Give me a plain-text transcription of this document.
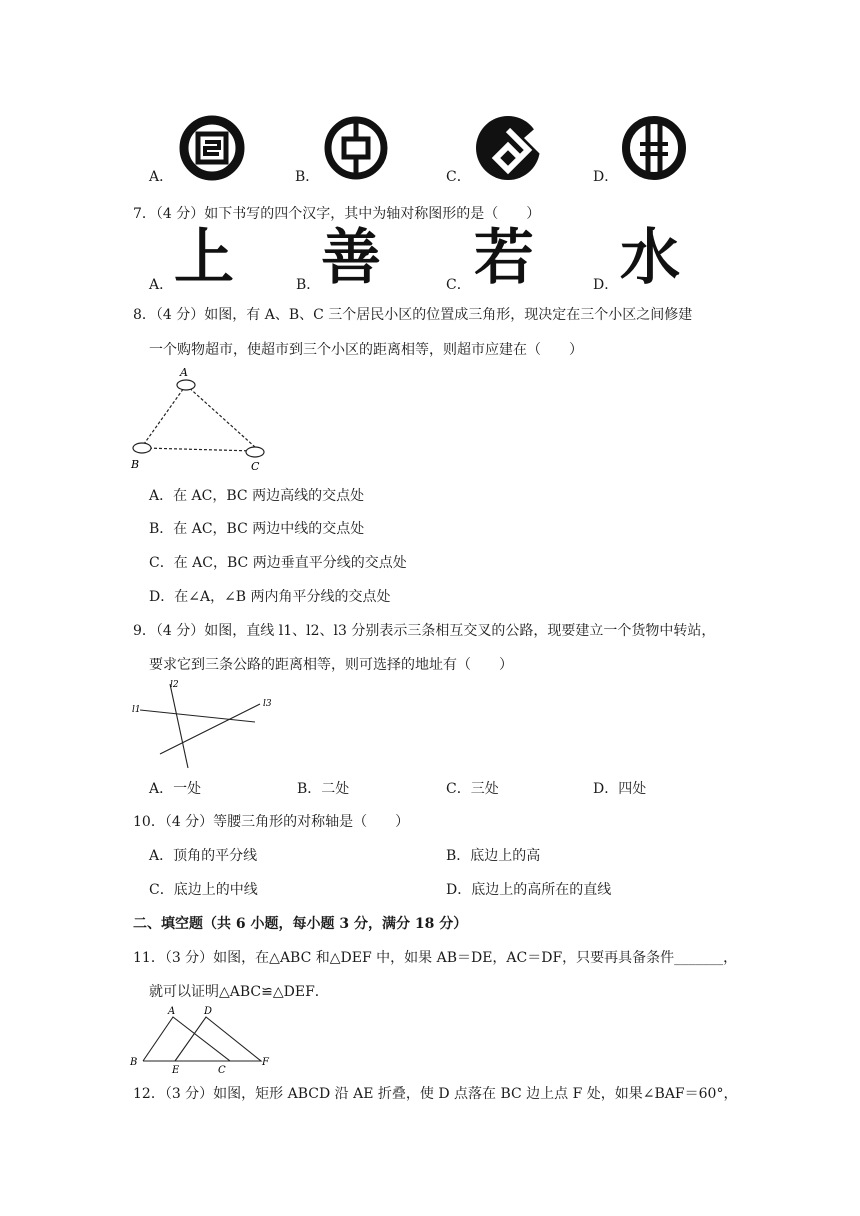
A．	B．	C．	D．
7．（4 分）如下书写的四个汉字，其中为轴对称图形的是（　　）
A． 上	B． 善	C． 若	D． 水
8．（4 分）如图，有 A、B、C 三个居民小区的位置成三角形，现决定在三个小区之间修建
一个购物超市，使超市到三个小区的距离相等，则超市应建在（　　）
A
B	C
A．在 AC，BC 两边高线的交点处
B．在 AC，BC 两边中线的交点处
C．在 AC，BC 两边垂直平分线的交点处
D．在∠A，∠B 两内角平分线的交点处
9．（4 分）如图，直线 l1、l2、l3 分别表示三条相互交叉的公路，现要建立一个货物中转站，
要求它到三条公路的距离相等，则可选择的地址有（　　）
l2
l3
l1
A．一处	B．二处	C．三处	D．四处
10．（4 分）等腰三角形的对称轴是（　　）
A．顶角的平分线	B．底边上的高
C．底边上的中线	D．底边上的高所在的直线
二、填空题（共 6 小题，每小题 3 分，满分 18 分）
11．（3 分）如图，在△ABC 和△DEF 中，如果 AB＝DE，AC＝DF，只要再具备条件_______，
就可以证明△ABC≌△DEF．
A	D
B
E	C
F
12．（3 分）如图，矩形 ABCD 沿 AE 折叠，使 D 点落在 BC 边上点 F 处，如果∠BAF＝60°，
